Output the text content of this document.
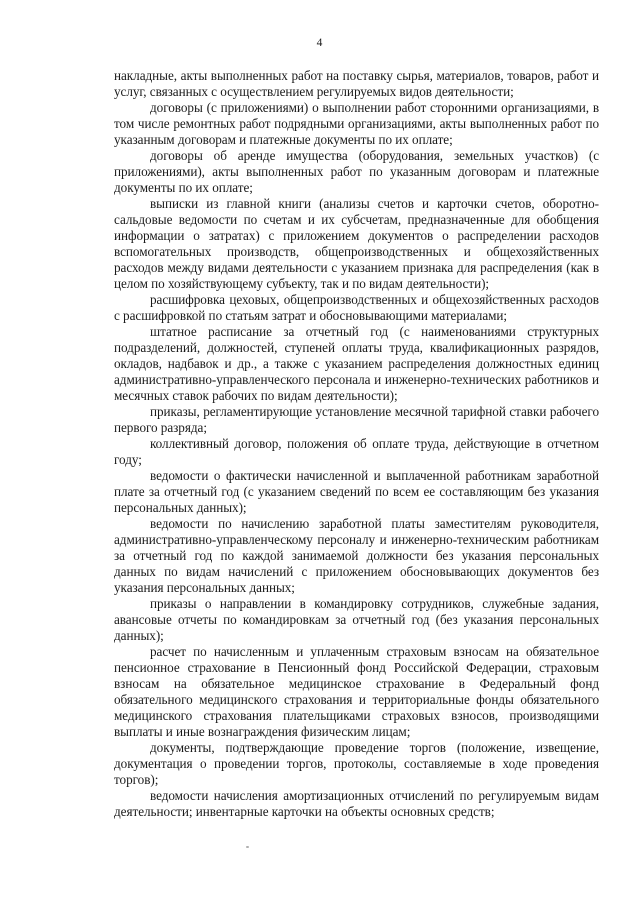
4

накладные, акты выполненных работ на поставку сырья, материалов, товаров, работ и услуг, связанных с осуществлением регулируемых видов деятельности;

договоры (с приложениями) о выполнении работ сторонними организациями, в том числе ремонтных работ подрядными организациями, акты выполненных работ по указанным договорам и платежные документы по их оплате;

договоры об аренде имущества (оборудования, земельных участков) (с приложениями), акты выполненных работ по указанным договорам и платежные документы по их оплате;

выписки из главной книги (анализы счетов и карточки счетов, оборотно-сальдовые ведомости по счетам и их субсчетам, предназначенные для обобщения информации о затратах) с приложением документов о распределении расходов вспомогательных производств, общепроизводственных и общехозяйственных расходов между видами деятельности с указанием признака для распределения (как в целом по хозяйствующему субъекту, так и по видам деятельности);

расшифровка цеховых, общепроизводственных и общехозяйственных расходов с расшифровкой по статьям затрат и обосновывающими материалами;

штатное расписание за отчетный год (с наименованиями структурных подразделений, должностей, ступеней оплаты труда, квалификационных разрядов, окладов, надбавок и др., а также с указанием распределения должностных единиц административно-управленческого персонала и инженерно-технических работников и месячных ставок рабочих по видам деятельности);

приказы, регламентирующие установление месячной тарифной ставки рабочего первого разряда;

коллективный договор, положения об оплате труда, действующие в отчетном году;

ведомости о фактически начисленной и выплаченной работникам заработной плате за отчетный год (с указанием сведений по всем ее составляющим без указания персональных данных);

ведомости по начислению заработной платы заместителям руководителя, административно-управленческому персоналу и инженерно-техническим работникам за отчетный год по каждой занимаемой должности без указания персональных данных по видам начислений с приложением обосновывающих документов без указания персональных данных;

приказы о направлении в командировку сотрудников, служебные задания, авансовые отчеты по командировкам за отчетный год (без указания персональных данных);

расчет по начисленным и уплаченным страховым взносам на обязательное пенсионное страхование в Пенсионный фонд Российской Федерации, страховым взносам на обязательное медицинское страхование в Федеральный фонд обязательного медицинского страхования и территориальные фонды обязательного медицинского страхования плательщиками страховых взносов, производящими выплаты и иные вознаграждения физическим лицам;

документы, подтверждающие проведение торгов (положение, извещение, документация о проведении торгов, протоколы, составляемые в ходе проведения торгов);

ведомости начисления амортизационных отчислений по регулируемым видам деятельности; инвентарные карточки на объекты основных средств;
